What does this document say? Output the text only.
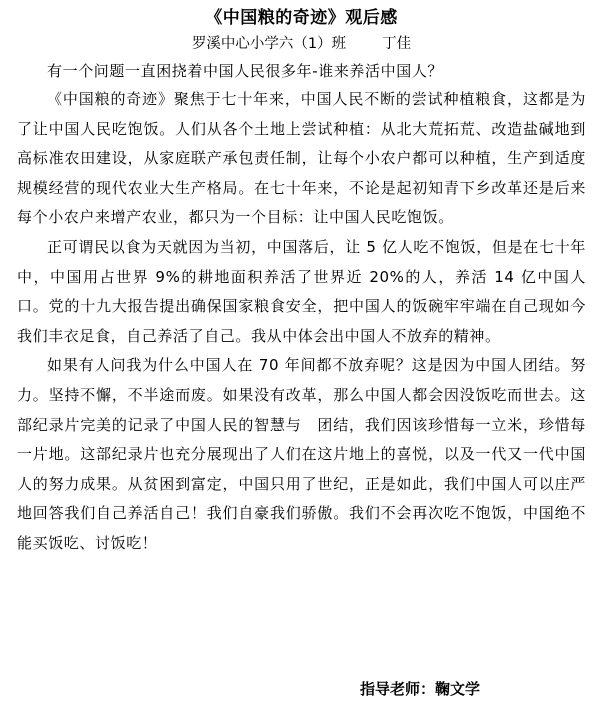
《中国粮的奇迹》观后感

罗溪中心小学六（1）班 丁佳

有一个问题一直困挠着中国人民很多年-谁来养活中国人？

《中国粮的奇迹》聚焦于七十年来，中国人民不断的尝试种植粮食，这都是为了让中国人民吃饱饭。人们从各个土地上尝试种植：从北大荒拓荒、改造盐碱地到高标准农田建设，从家庭联产承包责任制，让每个小农户都可以种植，生产到适度规模经营的现代农业大生产格局。在七十年来，不论是起初知青下乡改革还是后来每个小农户来增产农业，都只为一个目标：让中国人民吃饱饭。

正可谓民以食为天就因为当初，中国落后，让 5 亿人吃不饱饭，但是在七十年中，中国用占世界 9%的耕地面积养活了世界近 20%的人，养活 14 亿中国人口。党的十九大报告提出确保国家粮食安全，把中国人的饭碗牢牢端在自己现如今我们丰衣足食，自己养活了自己。我从中体会出中国人不放弃的精神。

如果有人问我为什么中国人在 70 年间都不放弃呢？这是因为中国人团结。努力。坚持不懈，不半途而废。如果没有改革，那么中国人都会因没饭吃而世去。这部纪录片完美的记录了中国人民的智慧与　团结，我们因该珍惜每一立米，珍惜每一片地。这部纪录片也充分展现出了人们在这片地上的喜悦，以及一代又一代中国人的努力成果。从贫困到富定，中国只用了世纪，正是如此，我们中国人可以庄严地回答我们自己养活自己！我们自豪我们骄傲。我们不会再次吃不饱饭，中国绝不能买饭吃、讨饭吃！

指导老师：鞠文学
